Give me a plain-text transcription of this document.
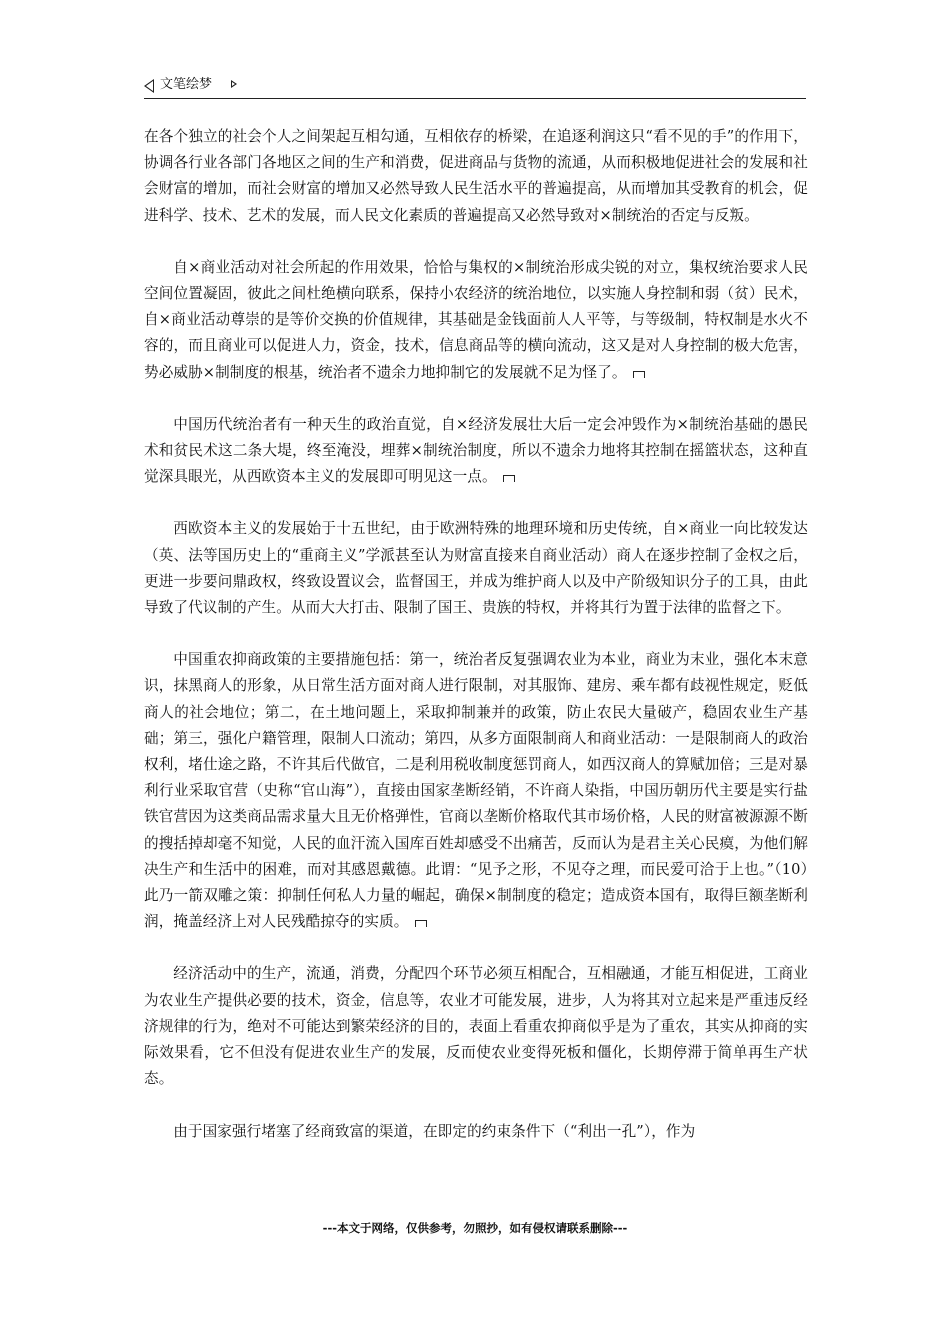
文笔绘梦

在各个独立的社会个人之间架起互相勾通，互相依存的桥梁，在追逐利润这只“看不见的手”的作用下，协调各行业各部门各地区之间的生产和消费，促进商品与货物的流通，从而积极地促进社会的发展和社会财富的增加，而社会财富的增加又必然导致人民生活水平的普遍提高，从而增加其受教育的机会，促进科学、技术、艺术的发展，而人民文化素质的普遍提高又必然导致对×制统治的否定与反叛。

自×商业活动对社会所起的作用效果，恰恰与集权的×制统治形成尖锐的对立，集权统治要求人民空间位置凝固，彼此之间杜绝横向联系，保持小农经济的统治地位，以实施人身控制和弱（贫）民术，自×商业活动尊崇的是等价交换的价值规律，其基础是金钱面前人人平等，与等级制，特权制是水火不容的，而且商业可以促进人力，资金，技术，信息商品等的横向流动，这又是对人身控制的极大危害，势必威胁×制制度的根基，统治者不遗余力地抑制它的发展就不足为怪了。

中国历代统治者有一种天生的政治直觉，自×经济发展壮大后一定会冲毁作为×制统治基础的愚民术和贫民术这二条大堤，终至淹没，埋葬×制统治制度，所以不遗余力地将其控制在摇篮状态，这种直觉深具眼光，从西欧资本主义的发展即可明见这一点。

西欧资本主义的发展始于十五世纪，由于欧洲特殊的地理环境和历史传统，自×商业一向比较发达（英、法等国历史上的“重商主义”学派甚至认为财富直接来自商业活动）商人在逐步控制了金权之后，更进一步要问鼎政权，终致设置议会，监督国王，并成为维护商人以及中产阶级知识分子的工具，由此导致了代议制的产生。从而大大打击、限制了国王、贵族的特权，并将其行为置于法律的监督之下。

中国重农抑商政策的主要措施包括：第一，统治者反复强调农业为本业，商业为末业，强化本末意识，抹黑商人的形象，从日常生活方面对商人进行限制，对其服饰、建房、乘车都有歧视性规定，贬低商人的社会地位；第二，在土地问题上，采取抑制兼并的政策，防止农民大量破产，稳固农业生产基础；第三，强化户籍管理，限制人口流动；第四，从多方面限制商人和商业活动：一是限制商人的政治权利，堵仕途之路，不许其后代做官，二是利用税收制度惩罚商人，如西汉商人的算赋加倍；三是对暴利行业采取官营（史称“官山海”），直接由国家垄断经销，不许商人染指，中国历朝历代主要是实行盐铁官营因为这类商品需求量大且无价格弹性，官商以垄断价格取代其市场价格，人民的财富被源源不断的搜括掉却毫不知觉，人民的血汗流入国库百姓却感受不出痛苦，反而认为是君主关心民瘼，为他们解决生产和生活中的困难，而对其感恩戴德。此谓：“见予之形，不见夺之理，而民爱可洽于上也。”（10）此乃一箭双雕之策：抑制任何私人力量的崛起，确保×制制度的稳定；造成资本国有，取得巨额垄断利润，掩盖经济上对人民残酷掠夺的实质。

经济活动中的生产，流通，消费，分配四个环节必须互相配合，互相融通，才能互相促进，工商业为农业生产提供必要的技术，资金，信息等，农业才可能发展，进步，人为将其对立起来是严重违反经济规律的行为，绝对不可能达到繁荣经济的目的，表面上看重农抑商似乎是为了重农，其实从抑商的实际效果看，它不但没有促进农业生产的发展，反而使农业变得死板和僵化，长期停滞于简单再生产状态。

由于国家强行堵塞了经商致富的渠道，在即定的约束条件下（“利出一孔”），作为

---本文于网络，仅供参考，勿照抄，如有侵权请联系删除---
